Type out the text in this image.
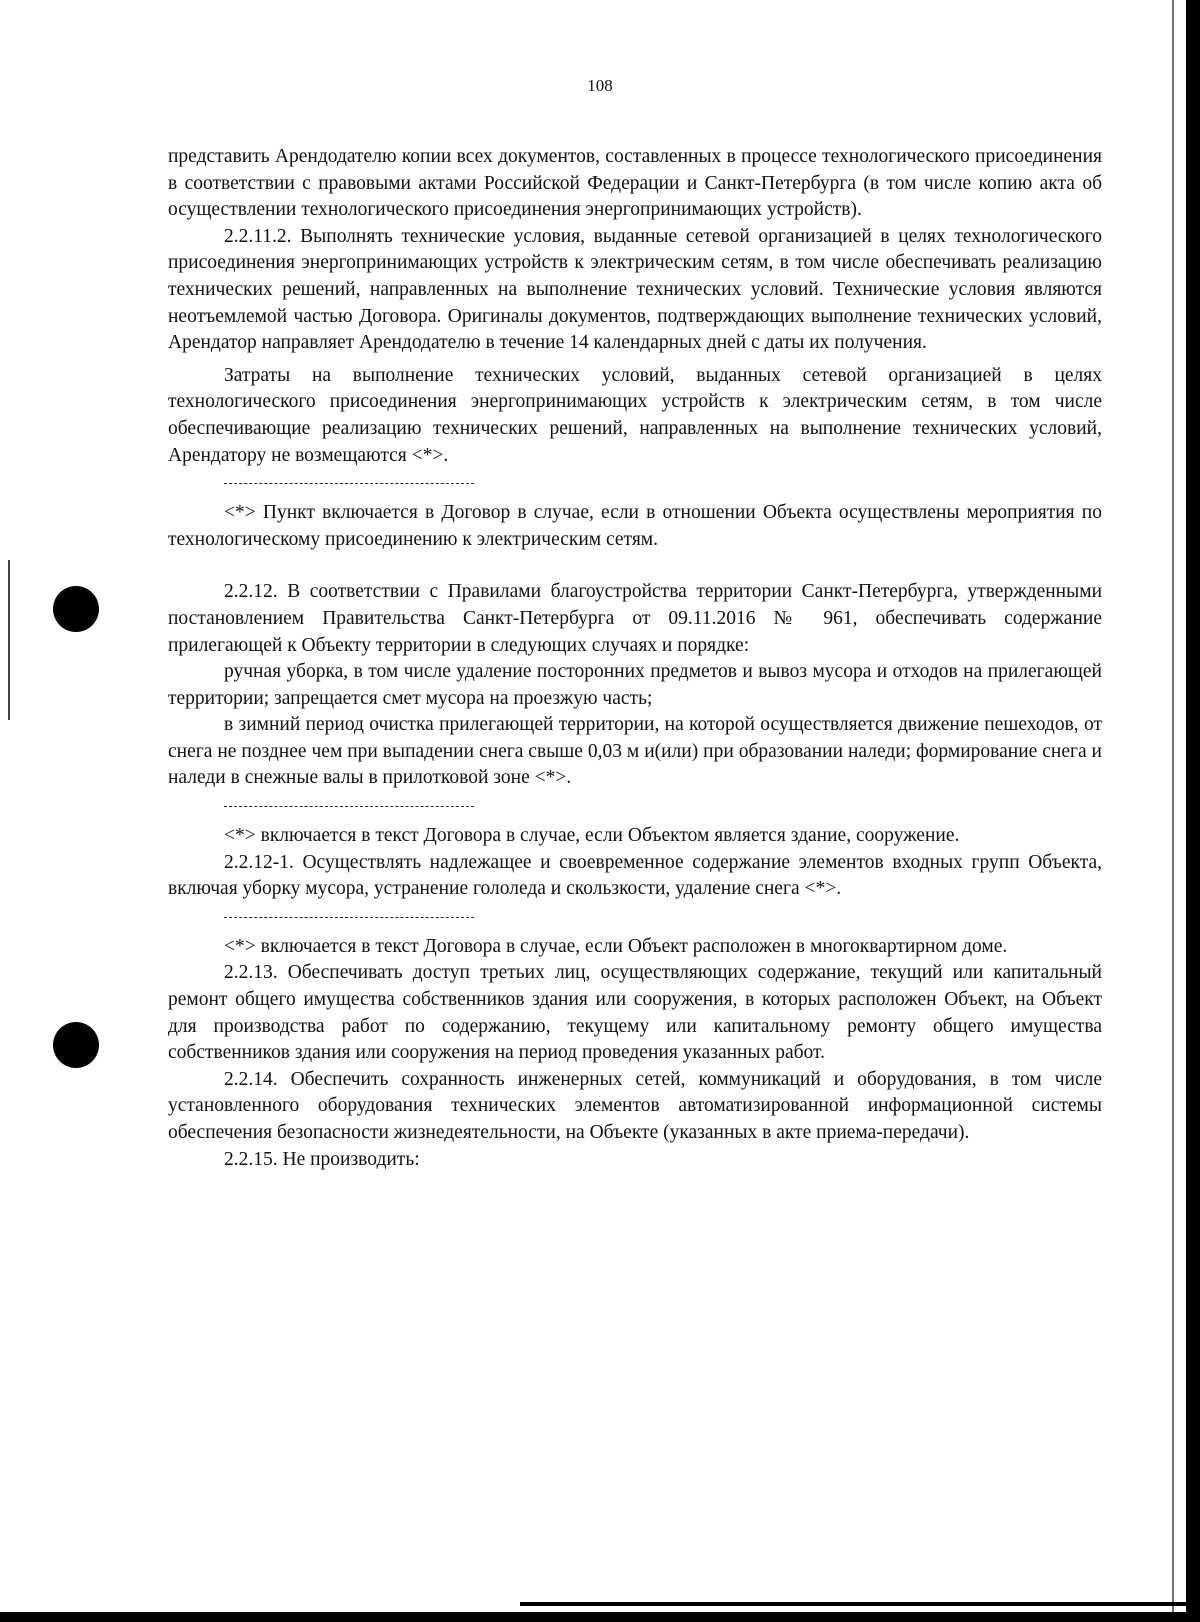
108

представить Арендодателю копии всех документов, составленных в процессе технологического присоединения в соответствии с правовыми актами Российской Федерации и Санкт-Петербурга (в том числе копию акта об осуществлении технологического присоединения энергопринимающих устройств).

2.2.11.2. Выполнять технические условия, выданные сетевой организацией в целях технологического присоединения энергопринимающих устройств к электрическим сетям, в том числе обеспечивать реализацию технических решений, направленных на выполнение технических условий. Технические условия являются неотъемлемой частью Договора. Оригиналы документов, подтверждающих выполнение технических условий, Арендатор направляет Арендодателю в течение 14 календарных дней с даты их получения.

Затраты на выполнение технических условий, выданных сетевой организацией в целях технологического присоединения энергопринимающих устройств к электрическим сетям, в том числе обеспечивающие реализацию технических решений, направленных на выполнение технических условий, Арендатору не возмещаются <*>.

<*> Пункт включается в Договор в случае, если в отношении Объекта осуществлены мероприятия по технологическому присоединению к электрическим сетям.

2.2.12. В соответствии с Правилами благоустройства территории Санкт-Петербурга, утвержденными постановлением Правительства Санкт-Петербурга от 09.11.2016 № 961, обеспечивать содержание прилегающей к Объекту территории в следующих случаях и порядке:

ручная уборка, в том числе удаление посторонних предметов и вывоз мусора и отходов на прилегающей территории; запрещается смет мусора на проезжую часть;

в зимний период очистка прилегающей территории, на которой осуществляется движение пешеходов, от снега не позднее чем при выпадении снега свыше 0,03 м и(или) при образовании наледи; формирование снега и наледи в снежные валы в прилотковой зоне <*>.

<*> включается в текст Договора в случае, если Объектом является здание, сооружение.

2.2.12-1. Осуществлять надлежащее и своевременное содержание элементов входных групп Объекта, включая уборку мусора, устранение гололеда и скользкости, удаление снега <*>.

<*> включается в текст Договора в случае, если Объект расположен в многоквартирном доме.

2.2.13. Обеспечивать доступ третьих лиц, осуществляющих содержание, текущий или капитальный ремонт общего имущества собственников здания или сооружения, в которых расположен Объект, на Объект для производства работ по содержанию, текущему или капитальному ремонту общего имущества собственников здания или сооружения на период проведения указанных работ.

2.2.14. Обеспечить сохранность инженерных сетей, коммуникаций и оборудования, в том числе установленного оборудования технических элементов автоматизированной информационной системы обеспечения безопасности жизнедеятельности, на Объекте (указанных в акте приема-передачи).

2.2.15. Не производить:
